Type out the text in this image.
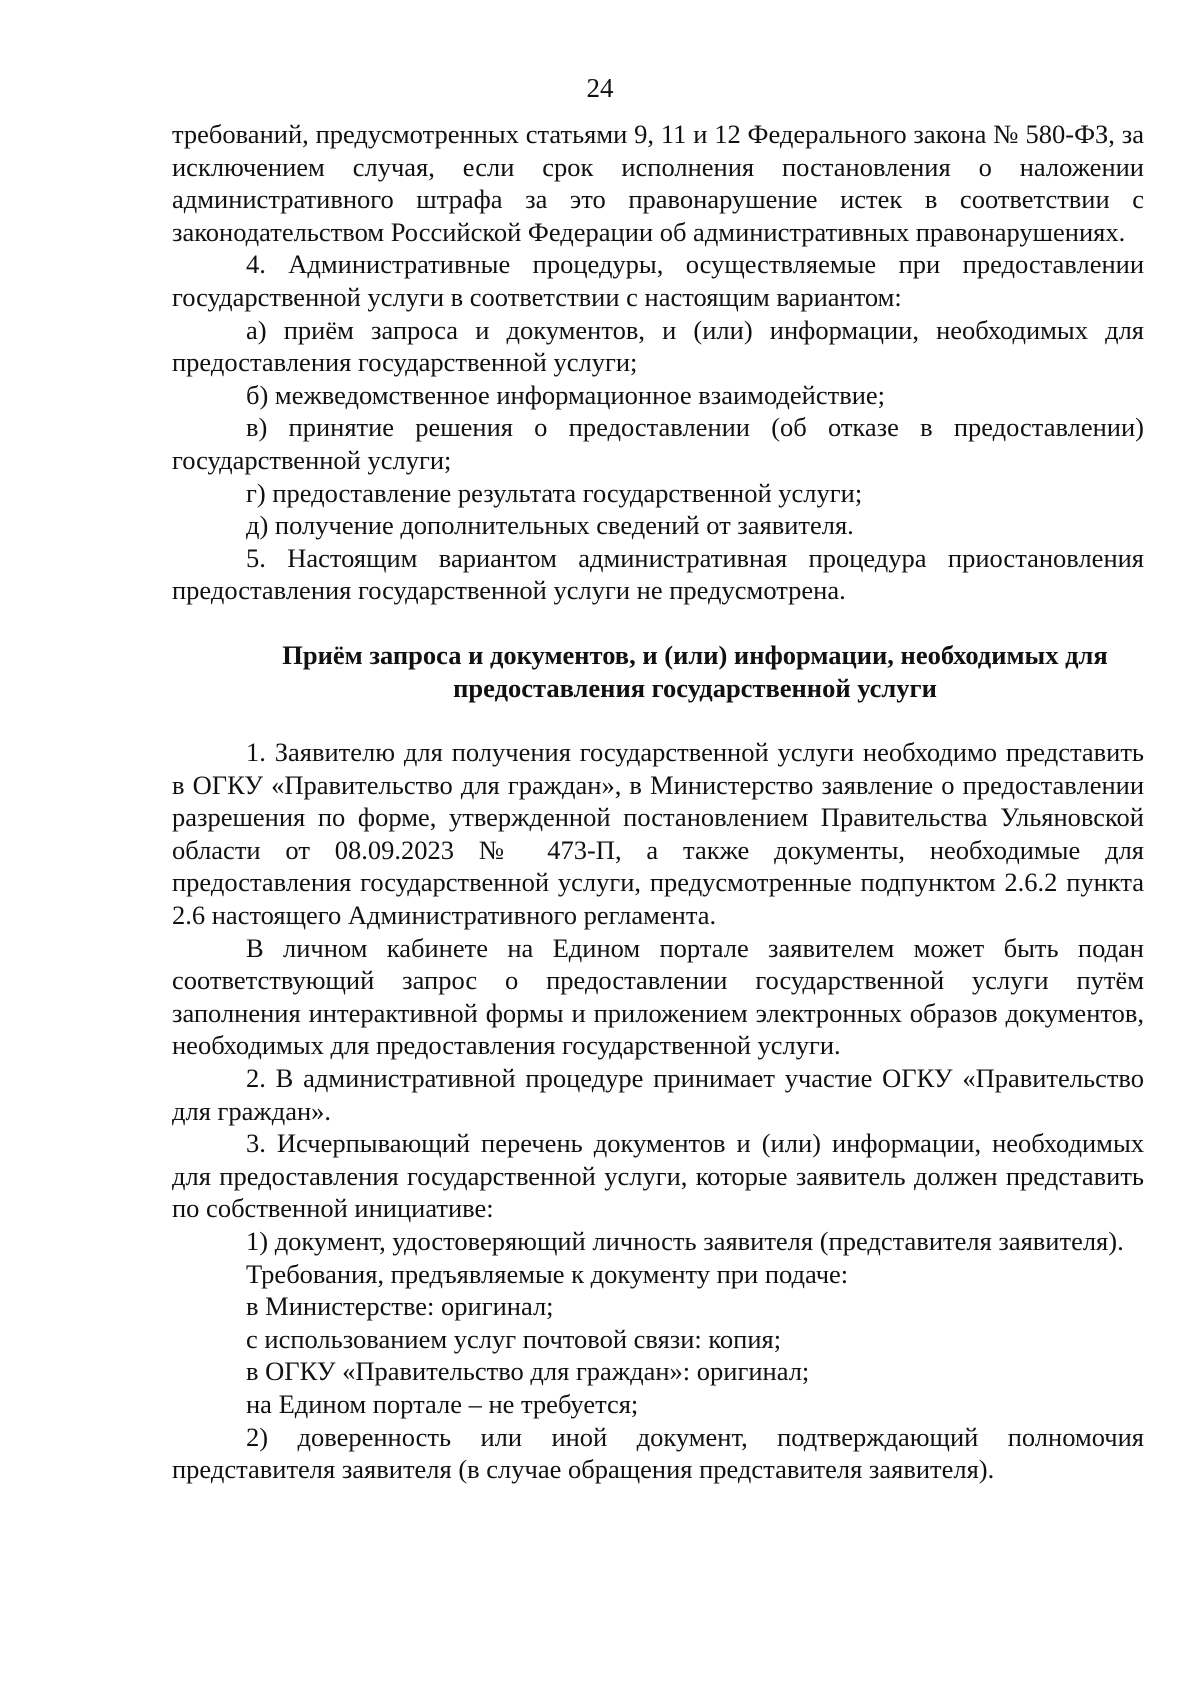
24

требований, предусмотренных статьями 9, 11 и 12 Федерального закона № 580-ФЗ, за исключением случая, если срок исполнения постановления о наложении административного штрафа за это правонарушение истек в соответствии с законодательством Российской Федерации об административных правонарушениях.

4. Административные процедуры, осуществляемые при предоставлении государственной услуги в соответствии с настоящим вариантом:

а) приём запроса и документов, и (или) информации, необходимых для предоставления государственной услуги;

б) межведомственное информационное взаимодействие;

в) принятие решения о предоставлении (об отказе в предоставлении) государственной услуги;

г) предоставление результата государственной услуги;

д) получение дополнительных сведений от заявителя.

5. Настоящим вариантом административная процедура приостановления предоставления государственной услуги не предусмотрена.

Приём запроса и документов, и (или) информации, необходимых для предоставления государственной услуги

1. Заявителю для получения государственной услуги необходимо представить в ОГКУ «Правительство для граждан», в Министерство заявление о предоставлении разрешения по форме, утвержденной постановлением Правительства Ульяновской области от 08.09.2023 № 473-П, а также документы, необходимые для предоставления государственной услуги, предусмотренные подпунктом 2.6.2 пункта 2.6 настоящего Административного регламента.

В личном кабинете на Едином портале заявителем может быть подан соответствующий запрос о предоставлении государственной услуги путём заполнения интерактивной формы и приложением электронных образов документов, необходимых для предоставления государственной услуги.

2. В административной процедуре принимает участие ОГКУ «Правительство для граждан».

3. Исчерпывающий перечень документов и (или) информации, необходимых для предоставления государственной услуги, которые заявитель должен представить по собственной инициативе:

1) документ, удостоверяющий личность заявителя (представителя заявителя).

Требования, предъявляемые к документу при подаче:

в Министерстве: оригинал;

с использованием услуг почтовой связи: копия;

в ОГКУ «Правительство для граждан»: оригинал;

на Едином портале – не требуется;

2) доверенность или иной документ, подтверждающий полномочия представителя заявителя (в случае обращения представителя заявителя).
